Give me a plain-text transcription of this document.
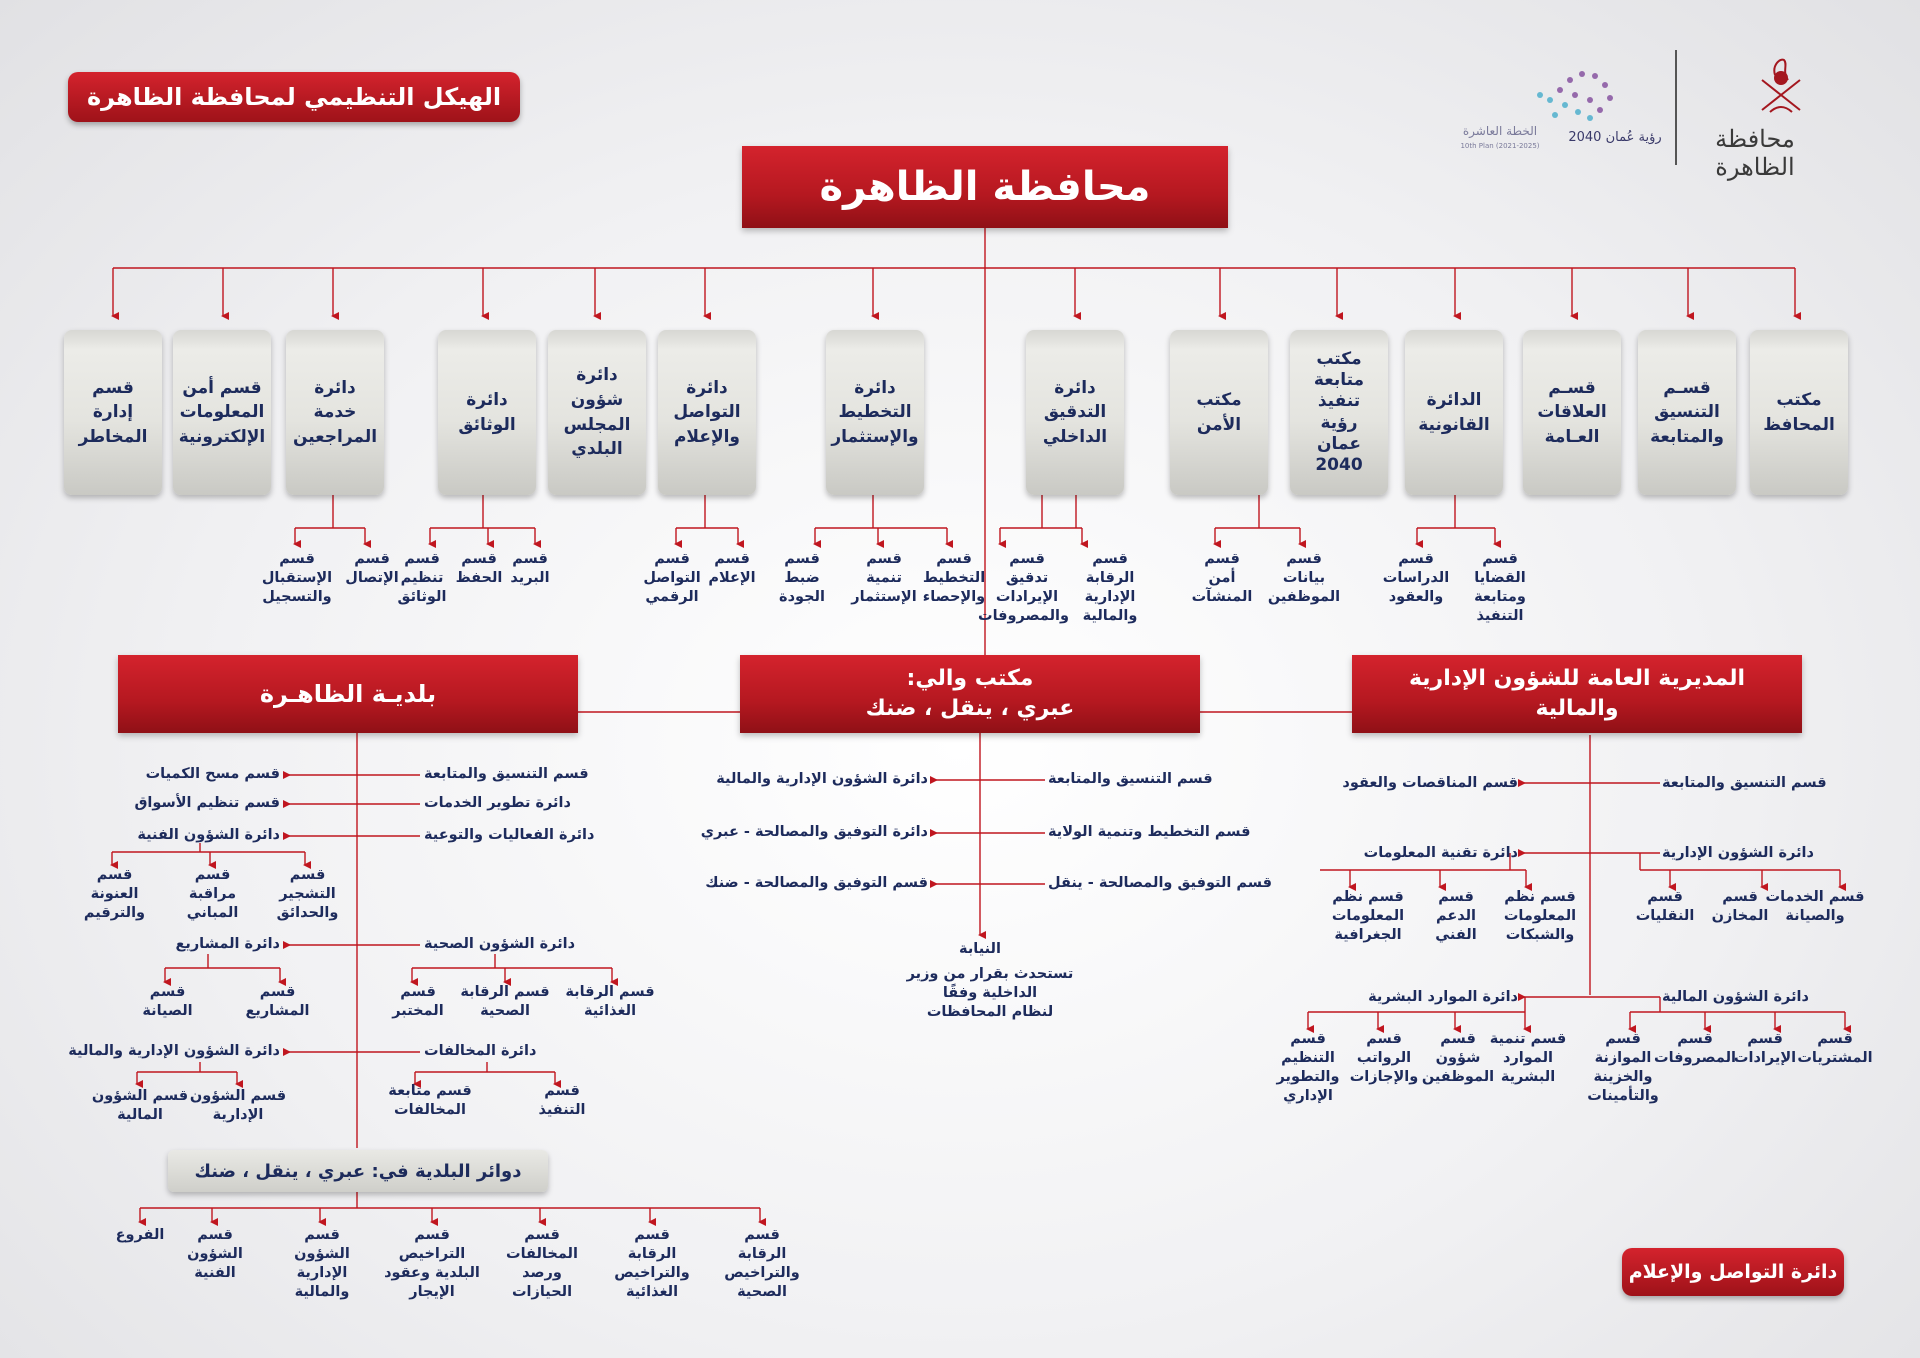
الهيكل التنظيمي لمحافظة الظاهرة
محافظة الظاهرة
رؤية عُمان 2040
الخطة العاشرة
10th Plan (2021-2025)
محافظة الظاهرة
مكتب
المحافظ
قسـم
التنسيق
والمتابعة
قسـم
العلاقات
العـامة
الدائرة
القانونية
مكتب
متابعة
تنفيذ
رؤية
عمان
2040
مكتب
الأمن
دائرة
التدقيق
الداخلي
دائرة
التخطيط
والإستثمار
دائرة
التواصل
والإعلام
دائرة
شؤون
المجلس
البلدي
دائرة
الوثائق
دائرة
خدمة
المراجعين
قسم أمن
المعلومات
الإلكترونية
قسم
إدارة
المخاطر
قسم
بيانات
الموظفين
قسم
أمن
المنشآت
قسم
القضايا
ومتابعة
التنفيذ
قسم
الدراسات
والعقود
قسم
الرقابة
الإدارية
والمالية
قسم
تدقيق
الإيرادات
والمصروفات
قسم
ضبط
الجودة
قسم
تنمية
الإستثمار
قسم
التخطيط
والإحصاء
قسم
الإعلام
قسم
التواصل
الرقمي
قسم
البريد
قسم
الحفظ
قسم
تنظيم
الوثائق
قسم
الإتصال
قسم
الإستقبال
والتسجيل
المديرية العامة للشؤون الإدارية
والمالية
قسم التنسيق والمتابعة
قسم المناقصات والعقود
دائرة الشؤون الإدارية
دائرة تقنية المعلومات
دائرة الشؤون المالية
دائرة الموارد البشرية
قسم الخدمات
والصيانة
قسم
المخازن
قسم
النقليات
قسم نظم
المعلومات
والشبكات
قسم
الدعم
الفني
قسم نظم
المعلومات
الجغرافية
قسم
المشتريات
قسم
الإيرادات
قسم
المصروفات
قسم
الموازنة
والخزينة
والتأمينات
قسم تنمية
الموارد
البشرية
قسم
شؤون
الموظفين
قسم
الرواتب
والإجازات
قسم
التنظيم
والتطوير
الإداري
مكتب والي:
عبري ، ينقل ، ضنك
قسم التنسيق والمتابعة
دائرة الشؤون الإدارية والمالية
قسم التخطيط وتنمية الولاية
دائرة التوفيق والمصالحة - عبري
قسم التوفيق والمصالحة - ينقل
قسم التوفيق والمصالحة - ضنك
النيابة
تستحدث بقرار من وزير الداخلية وفقًا
لنظام المحافظات
بلديـة الظاهـرة
قسم التنسيق والمتابعة
دائرة تطوير الخدمات
دائرة الفعاليات والتوعية
قسم مسح الكميات
قسم تنظيم الأسواق
دائرة الشؤون الفنية
قسم
التشجير
والحدائق
قسم
مراقبة
المباني
قسم
العنونة
والترقيم
دائرة الشؤون الصحية
دائرة المشاريع
قسم
المشاريع
قسم
الصيانة
قسم الرقابة
الغذائية
قسم الرقابة
الصحية
قسم
المختبر
دائرة المخالفات
دائرة الشؤون الإدارية والمالية
قسم
التنفيذ
قسم متابعة
المخالفات
قسم الشؤون
الإدارية
قسم الشؤون
المالية
دوائر البلدية في: عبري ، ينقل ، ضنك
قسم
الرقابة
والتراخيص
الصحية
قسم
الرقابة
والتراخيص
الغذائية
قسم
المخالفات
ورصد
الحيازات
قسم
التراخيص
البلدية وعقود
الإيجار
قسم
الشؤون
الإدارية
والمالية
قسم
الشؤون
الفنية
الفروع
دائرة التواصل والإعلام
